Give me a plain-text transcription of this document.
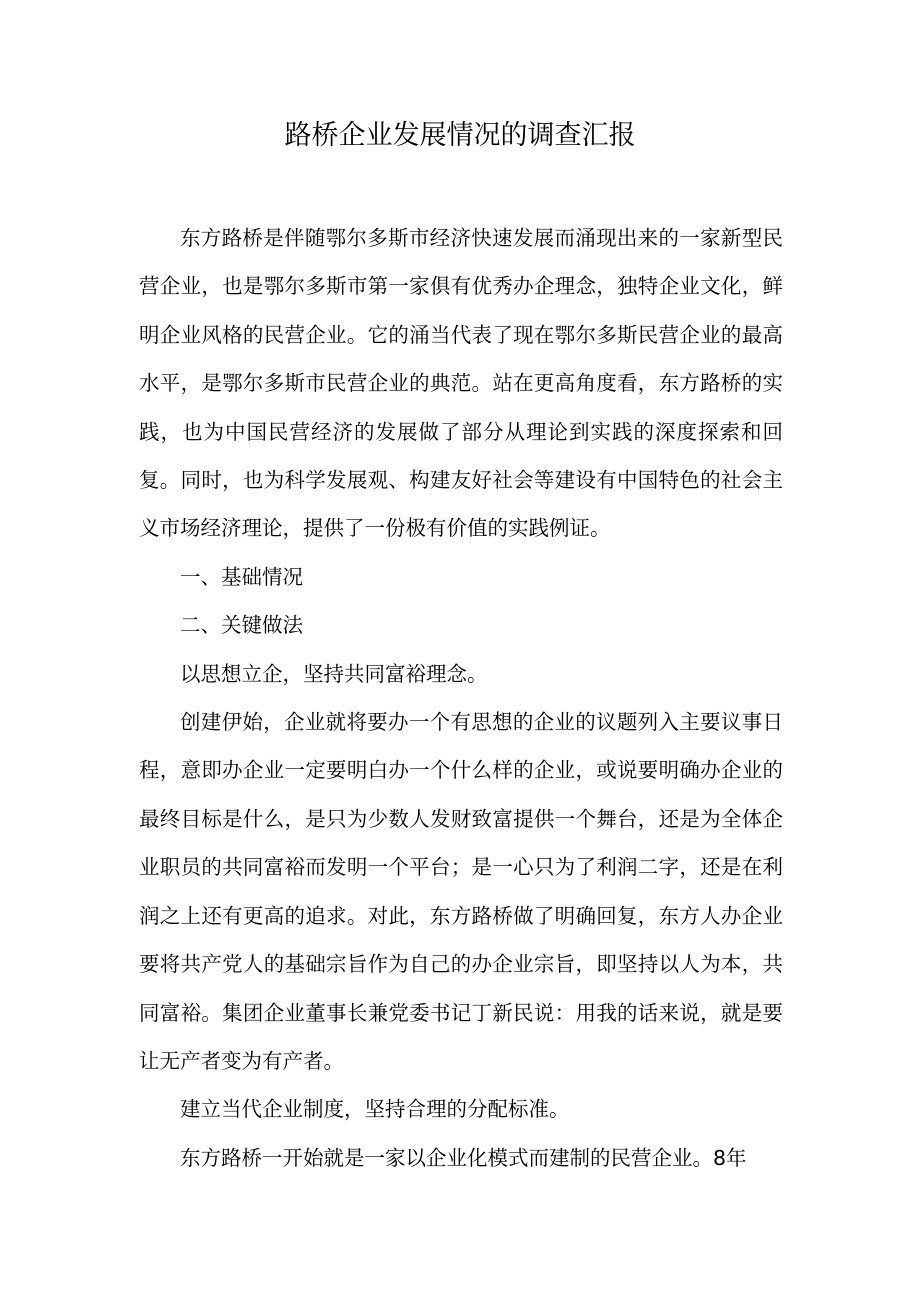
路桥企业发展情况的调查汇报

东方路桥是伴随鄂尔多斯市经济快速发展而涌现出来的一家新型民营企业，也是鄂尔多斯市第一家俱有优秀办企理念，独特企业文化，鲜明企业风格的民营企业。它的涌当代表了现在鄂尔多斯民营企业的最高水平，是鄂尔多斯市民营企业的典范。站在更高角度看，东方路桥的实践，也为中国民营经济的发展做了部分从理论到实践的深度探索和回复。同时，也为科学发展观、构建友好社会等建设有中国特色的社会主义市场经济理论，提供了一份极有价值的实践例证。

一、基础情况

二、关键做法

以思想立企，坚持共同富裕理念。

创建伊始，企业就将要办一个有思想的企业的议题列入主要议事日程，意即办企业一定要明白办一个什么样的企业，或说要明确办企业的最终目标是什么，是只为少数人发财致富提供一个舞台，还是为全体企业职员的共同富裕而发明一个平台；是一心只为了利润二字，还是在利润之上还有更高的追求。对此，东方路桥做了明确回复，东方人办企业要将共产党人的基础宗旨作为自己的办企业宗旨，即坚持以人为本，共同富裕。集团企业董事长兼党委书记丁新民说：用我的话来说，就是要让无产者变为有产者。

建立当代企业制度，坚持合理的分配标准。

东方路桥一开始就是一家以企业化模式而建制的民营企业。8年
